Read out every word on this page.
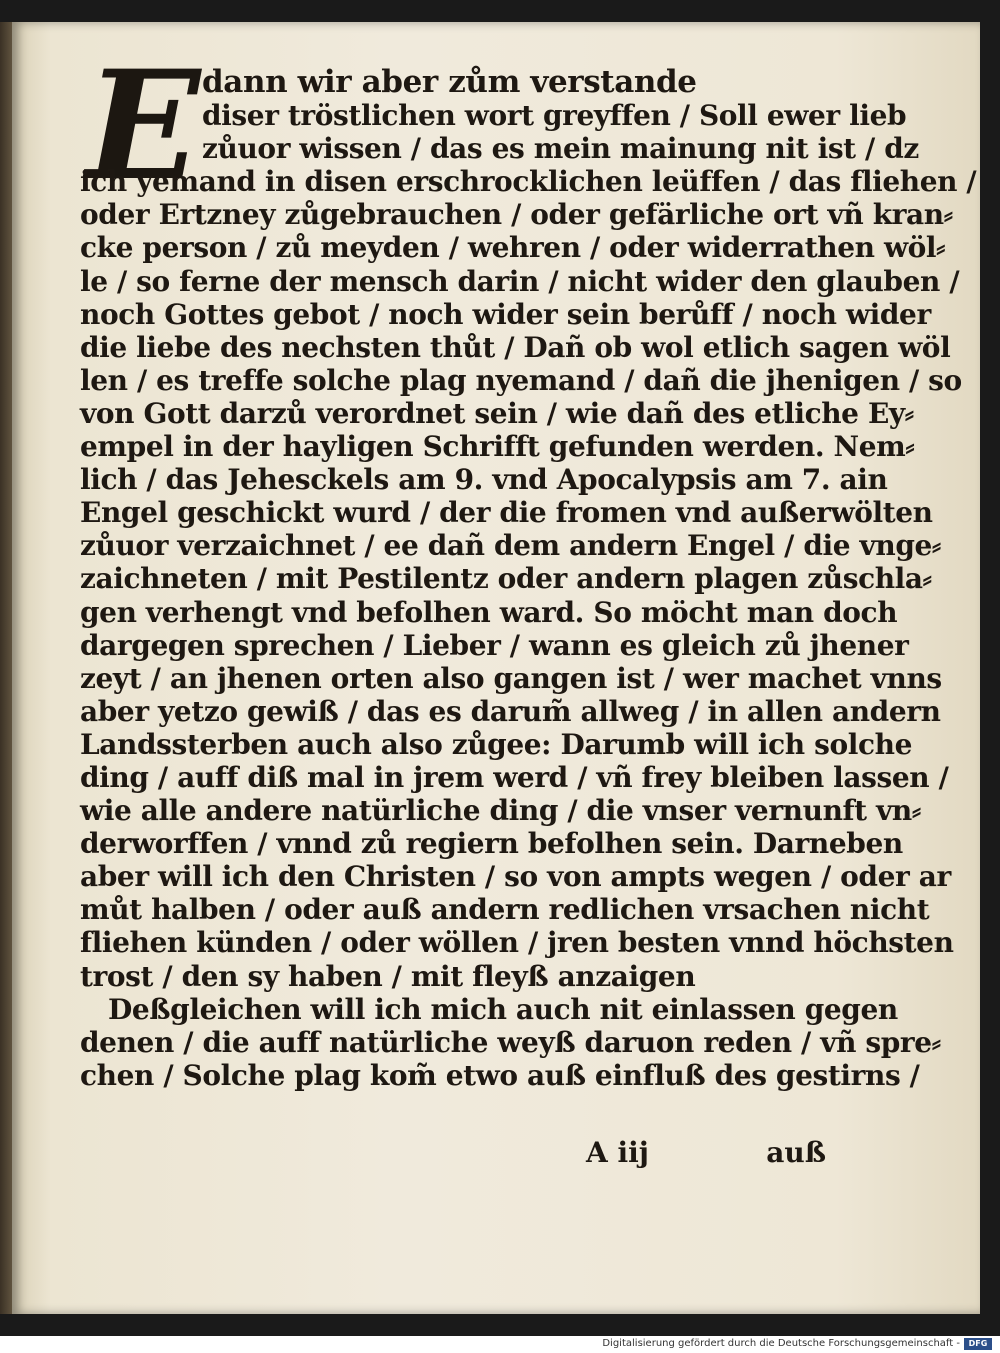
E dann wir aber zům verstande
diser tröstlichen wort greyffen / Soll ewer lieb
zůuor wissen / das es mein mainung nit ist / dz
ich yemand in disen erschrocklichen leüffen / das fliehen /
oder Ertzney zůgebrauchen / oder gefärliche ort vñ kran⸗
cke person / zů meyden / wehren / oder widerrathen wöl⸗
le / so ferne der mensch darin / nicht wider den glauben /
noch Gottes gebot / noch wider sein berůff / noch wider
die liebe des nechsten thůt / Dañ ob wol etlich sagen wöl
len / es treffe solche plag nyemand / dañ die jhenigen / so
von Gott darzů verordnet sein / wie dañ des etliche Ey⸗
empel in der hayligen Schrifft gefunden werden. Nem⸗
lich / das Jehesckels am 9. vnd Apocalypsis am 7. ain
Engel geschickt wurd / der die fromen vnd außerwölten
zůuor verzaichnet / ee dañ dem andern Engel / die vnge⸗
zaichneten / mit Pestilentz oder andern plagen zůschla⸗
gen verhengt vnd befolhen ward. So möcht man doch
dargegen sprechen / Lieber / wann es gleich zů jhener
zeyt / an jhenen orten also gangen ist / wer machet vnns
aber yetzo gewiß / das es darum̃ allweg / in allen andern
Landssterben auch also zůgee: Darumb will ich solche
ding / auff diß mal in jrem werd / vñ frey bleiben lassen /
wie alle andere natürliche ding / die vnser vernunft vn⸗
derworffen / vnnd zů regiern befolhen sein. Darneben
aber will ich den Christen / so von ampts wegen / oder ar
můt halben / oder auß andern redlichen vrsachen nicht
fliehen künden / oder wöllen / jren besten vnnd höchsten
trost / den sy haben / mit fleyß anzaigen
Deßgleichen will ich mich auch nit einlassen gegen
denen / die auff natürliche weyß daruon reden / vñ spre⸗
chen / Solche plag kom̃ etwo auß einfluß des gestirns /
A iij	auß
Digitalisierung gefördert durch die Deutsche Forschungsgemeinschaft -	DFG
